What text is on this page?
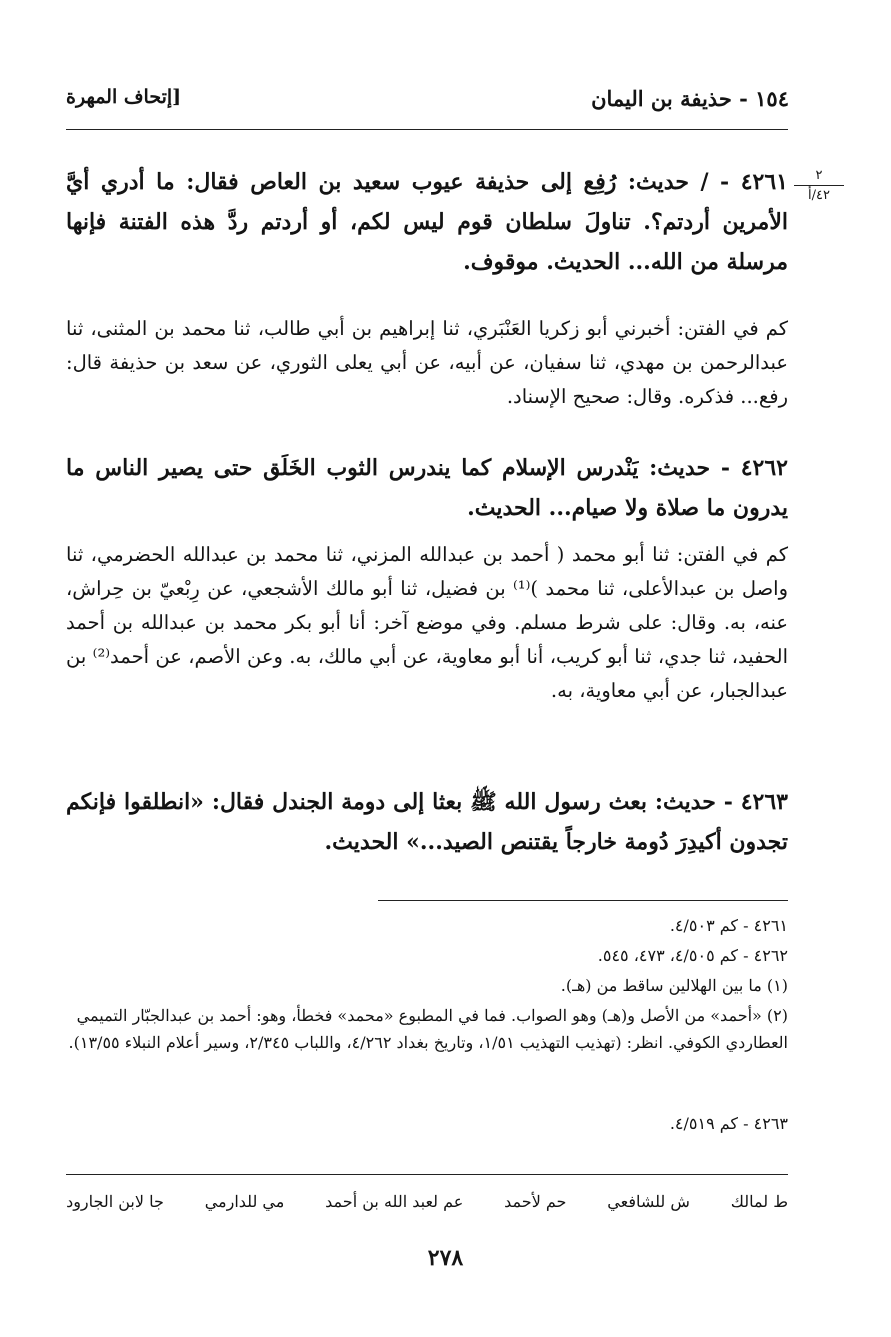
١٥٤ - حذيفة بن اليمان
[إتحاف المهرة
٢
٤٢/أ
٤٢٦١ - / حديث: رُفِع إلى حذيفة عيوب سعيد بن العاص فقال: ما أدري أيَّ الأمرين أردتم؟. تناولَ سلطان قوم ليس لكم، أو أردتم ردَّ هذه الفتنة فإنها مرسلة من الله... الحديث. موقوف.
كم في الفتن: أخبرني أبو زكريا العَنْبَري، ثنا إبراهيم بن أبي طالب، ثنا محمد بن المثنى، ثنا عبدالرحمن بن مهدي، ثنا سفيان، عن أبيه، عن أبي يعلى الثوري، عن سعد بن حذيفة قال: رفع... فذكره. وقال: صحيح الإسناد.
٤٢٦٢ - حديث: يَنْدرس الإسلام كما يندرس الثوب الخَلَق حتى يصير الناس ما يدرون ما صلاة ولا صيام... الحديث.
كم في الفتن: ثنا أبو محمد ( أحمد بن عبدالله المزني، ثنا محمد بن عبدالله الحضرمي، ثنا واصل بن عبدالأعلى، ثنا محمد )⁽¹⁾ بن فضيل، ثنا أبو مالك الأشجعي، عن رِبْعيّ بن حِراش، عنه، به. وقال: على شرط مسلم. وفي موضع آخر: أنا أبو بكر محمد بن عبدالله بن أحمد الحفيد، ثنا جدي، ثنا أبو كريب، أنا أبو معاوية، عن أبي مالك، به. وعن الأصم، عن أحمد⁽²⁾ بن عبدالجبار، عن أبي معاوية، به.
٤٢٦٣ - حديث: بعث رسول الله ﷺ بعثا إلى دومة الجندل فقال: «انطلقوا فإنكم تجدون أكيدِرَ دُومة خارجاً يقتنص الصيد...» الحديث.
٤٢٦١ - كم ٤/٥٠٣.
٤٢٦٢ - كم ٤/٥٠٥، ٤٧٣، ٥٤٥.
(١) ما بين الهلالين ساقط من (هـ).
(٢) «أحمد» من الأصل و(هـ) وهو الصواب. فما في المطبوع «محمد» فخطأ، وهو: أحمد بن عبدالجبّار التميمي العطاردي الكوفي. انظر: (تهذيب التهذيب ١/٥١، وتاريخ بغداد ٤/٢٦٢، واللباب ٢/٣٤٥، وسير أعلام النبلاء ١٣/٥٥).
٤٢٦٣ - كم ٤/٥١٩.
ط لمالك
ش للشافعي
حم لأحمد
عم لعبد الله بن أحمد
مي للدارمي
جا لابن الجارود
٢٧٨
